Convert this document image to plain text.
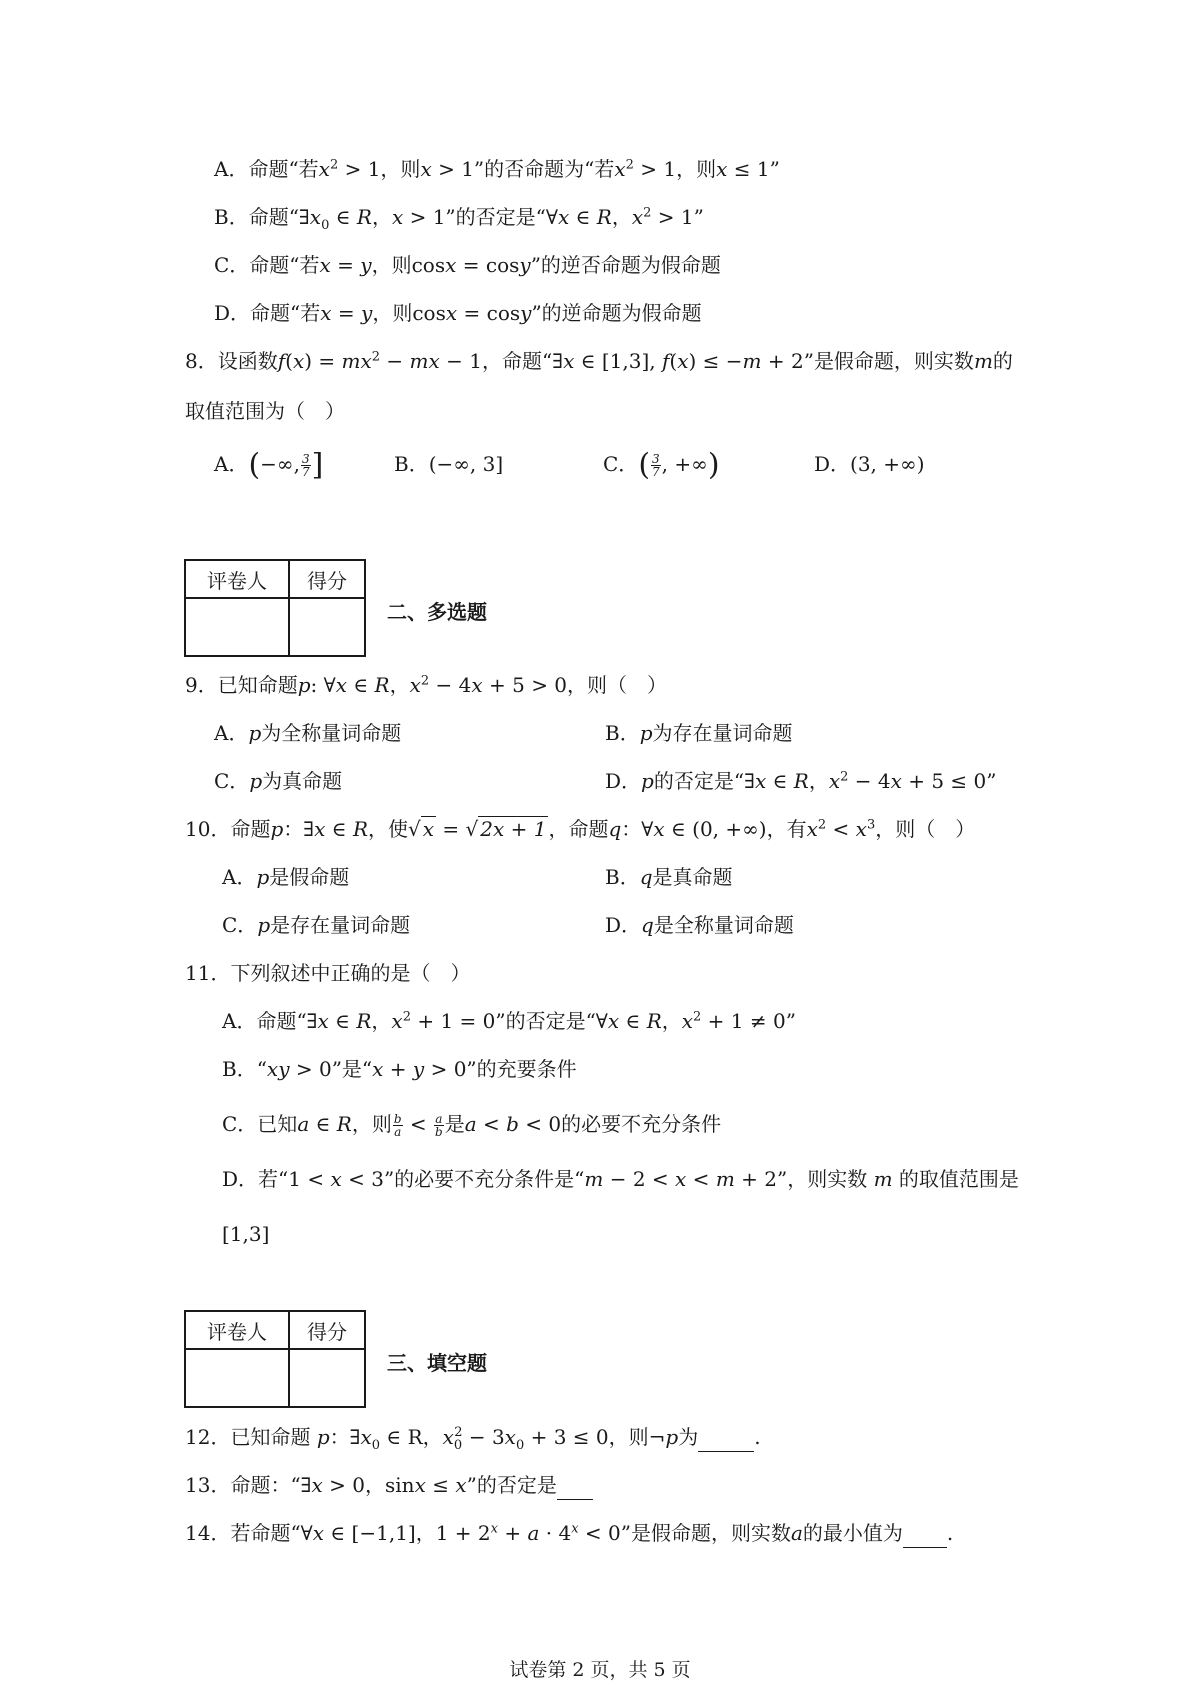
A．命题“若$x^2 > 1$，则x > 1”的否命题为“若$x^2 > 1$，则x ≤ 1”
B．命题“$\exists x_0$ ∈ R，x > 1”的否定是“∀x ∈ R，$x^2 > 1$”
C．命题“若x = y，则cosx = cosy”的逆否命题为假命题
D．命题“若x = y，则cosx = cosy”的逆命题为假命题
8．设函数$f(x) = mx^2$ − mx − 1，命题“∃x ∈ [1,3], f(x) ≤ −m + 2”是假命题，则实数m的
取值范围为（　）
A．(−∞, $\frac{3}{7}$ ]	B．(−∞, 3]	C．( $\frac{3}{7}$ , +∞)	D．(3, +∞)
评卷人	得分

二、多选题
9．已知命题p: ∀x ∈ R，$x^2 - 4x + 5 > 0$，则（　）
A．p为全称量词命题	B．p为存在量词命题
C．p为真命题	D．p的否定是“∃x ∈ R，$x^2 - 4x + 5 \le 0$”
10．命题p：∃x ∈ R，使√ x = √ 2x + 1 ，命题q：∀x ∈ (0, +∞)，有$x^2 < x^3$，则（　）
A．p是假命题	B．q是真命题
C．p是存在量词命题	D．q是全称量词命题
11．下列叙述中正确的是（　）
A．命题“∃x ∈ R，$x^2 + 1 = 0$”的否定是“∀x ∈ R，$x^2 + 1 \ne 0$”
B．“xy > 0”是“x + y > 0”的充要条件
C．已知a ∈ R，则 $\frac{b}{a} < \frac{a}{b}$ 是a < b < 0的必要不充分条件
D．若“1 < x < 3”的必要不充分条件是“m − 2 < x < m + 2”，则实数 m 的取值范围是
[1,3]
评卷人	得分

三、填空题
12．已知命题 p：$\exists x_0$ ∈ R，$x_0^2 - 3x_0 + 3 \le 0$，则¬p为	.
13．命题：“∃x > 0，sinx ≤ x”的否定是
14．若命题“∀x ∈ [−1,1]，$1 + 2^x + a \cdot 4^x < 0$”是假命题，则实数a的最小值为 .
试卷第 2 页，共 5 页
